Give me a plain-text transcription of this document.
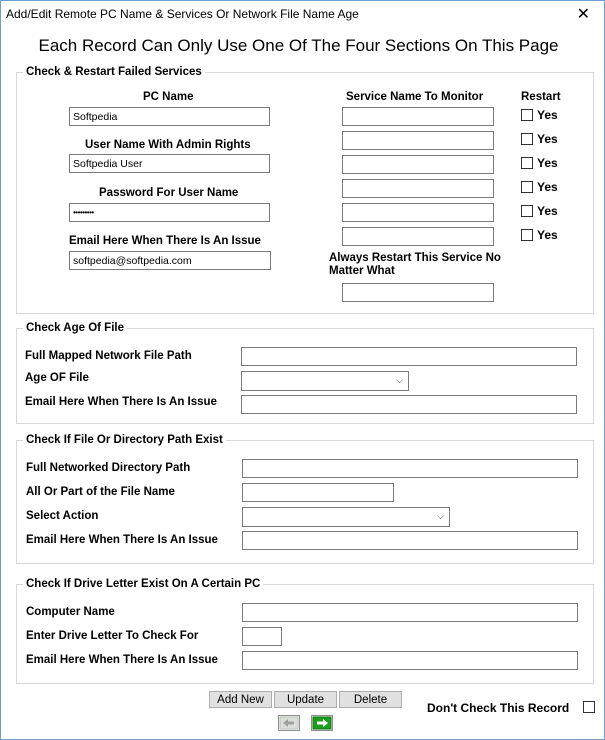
Add/Edit Remote PC Name & Services Or Network File Name Age	✕
Each Record Can Only Use One Of The Four Sections On This Page
Check & Restart Failed Services
PC Name
Softpedia
User Name With Admin Rights
Softpedia User
Password For User Name
•••••••••
Email Here When There Is An Issue
softpedia@softpedia.com
Service Name To Monitor	Restart
Yes
Yes
Yes
Yes
Yes
Yes
Always Restart This Service No Matter What
Check Age Of File
Full Mapped Network File Path
Age OF File	⌵
Email Here When There Is An Issue
Check If File Or Directory Path Exist
Full Networked Directory Path
All Or Part of the File Name
Select Action	⌵
Email Here When There Is An Issue
Check If Drive Letter Exist On A Certain PC
Computer Name
Enter Drive Letter To Check For
Email Here When There Is An Issue
Add New	Update	Delete
Don't Check This Record
